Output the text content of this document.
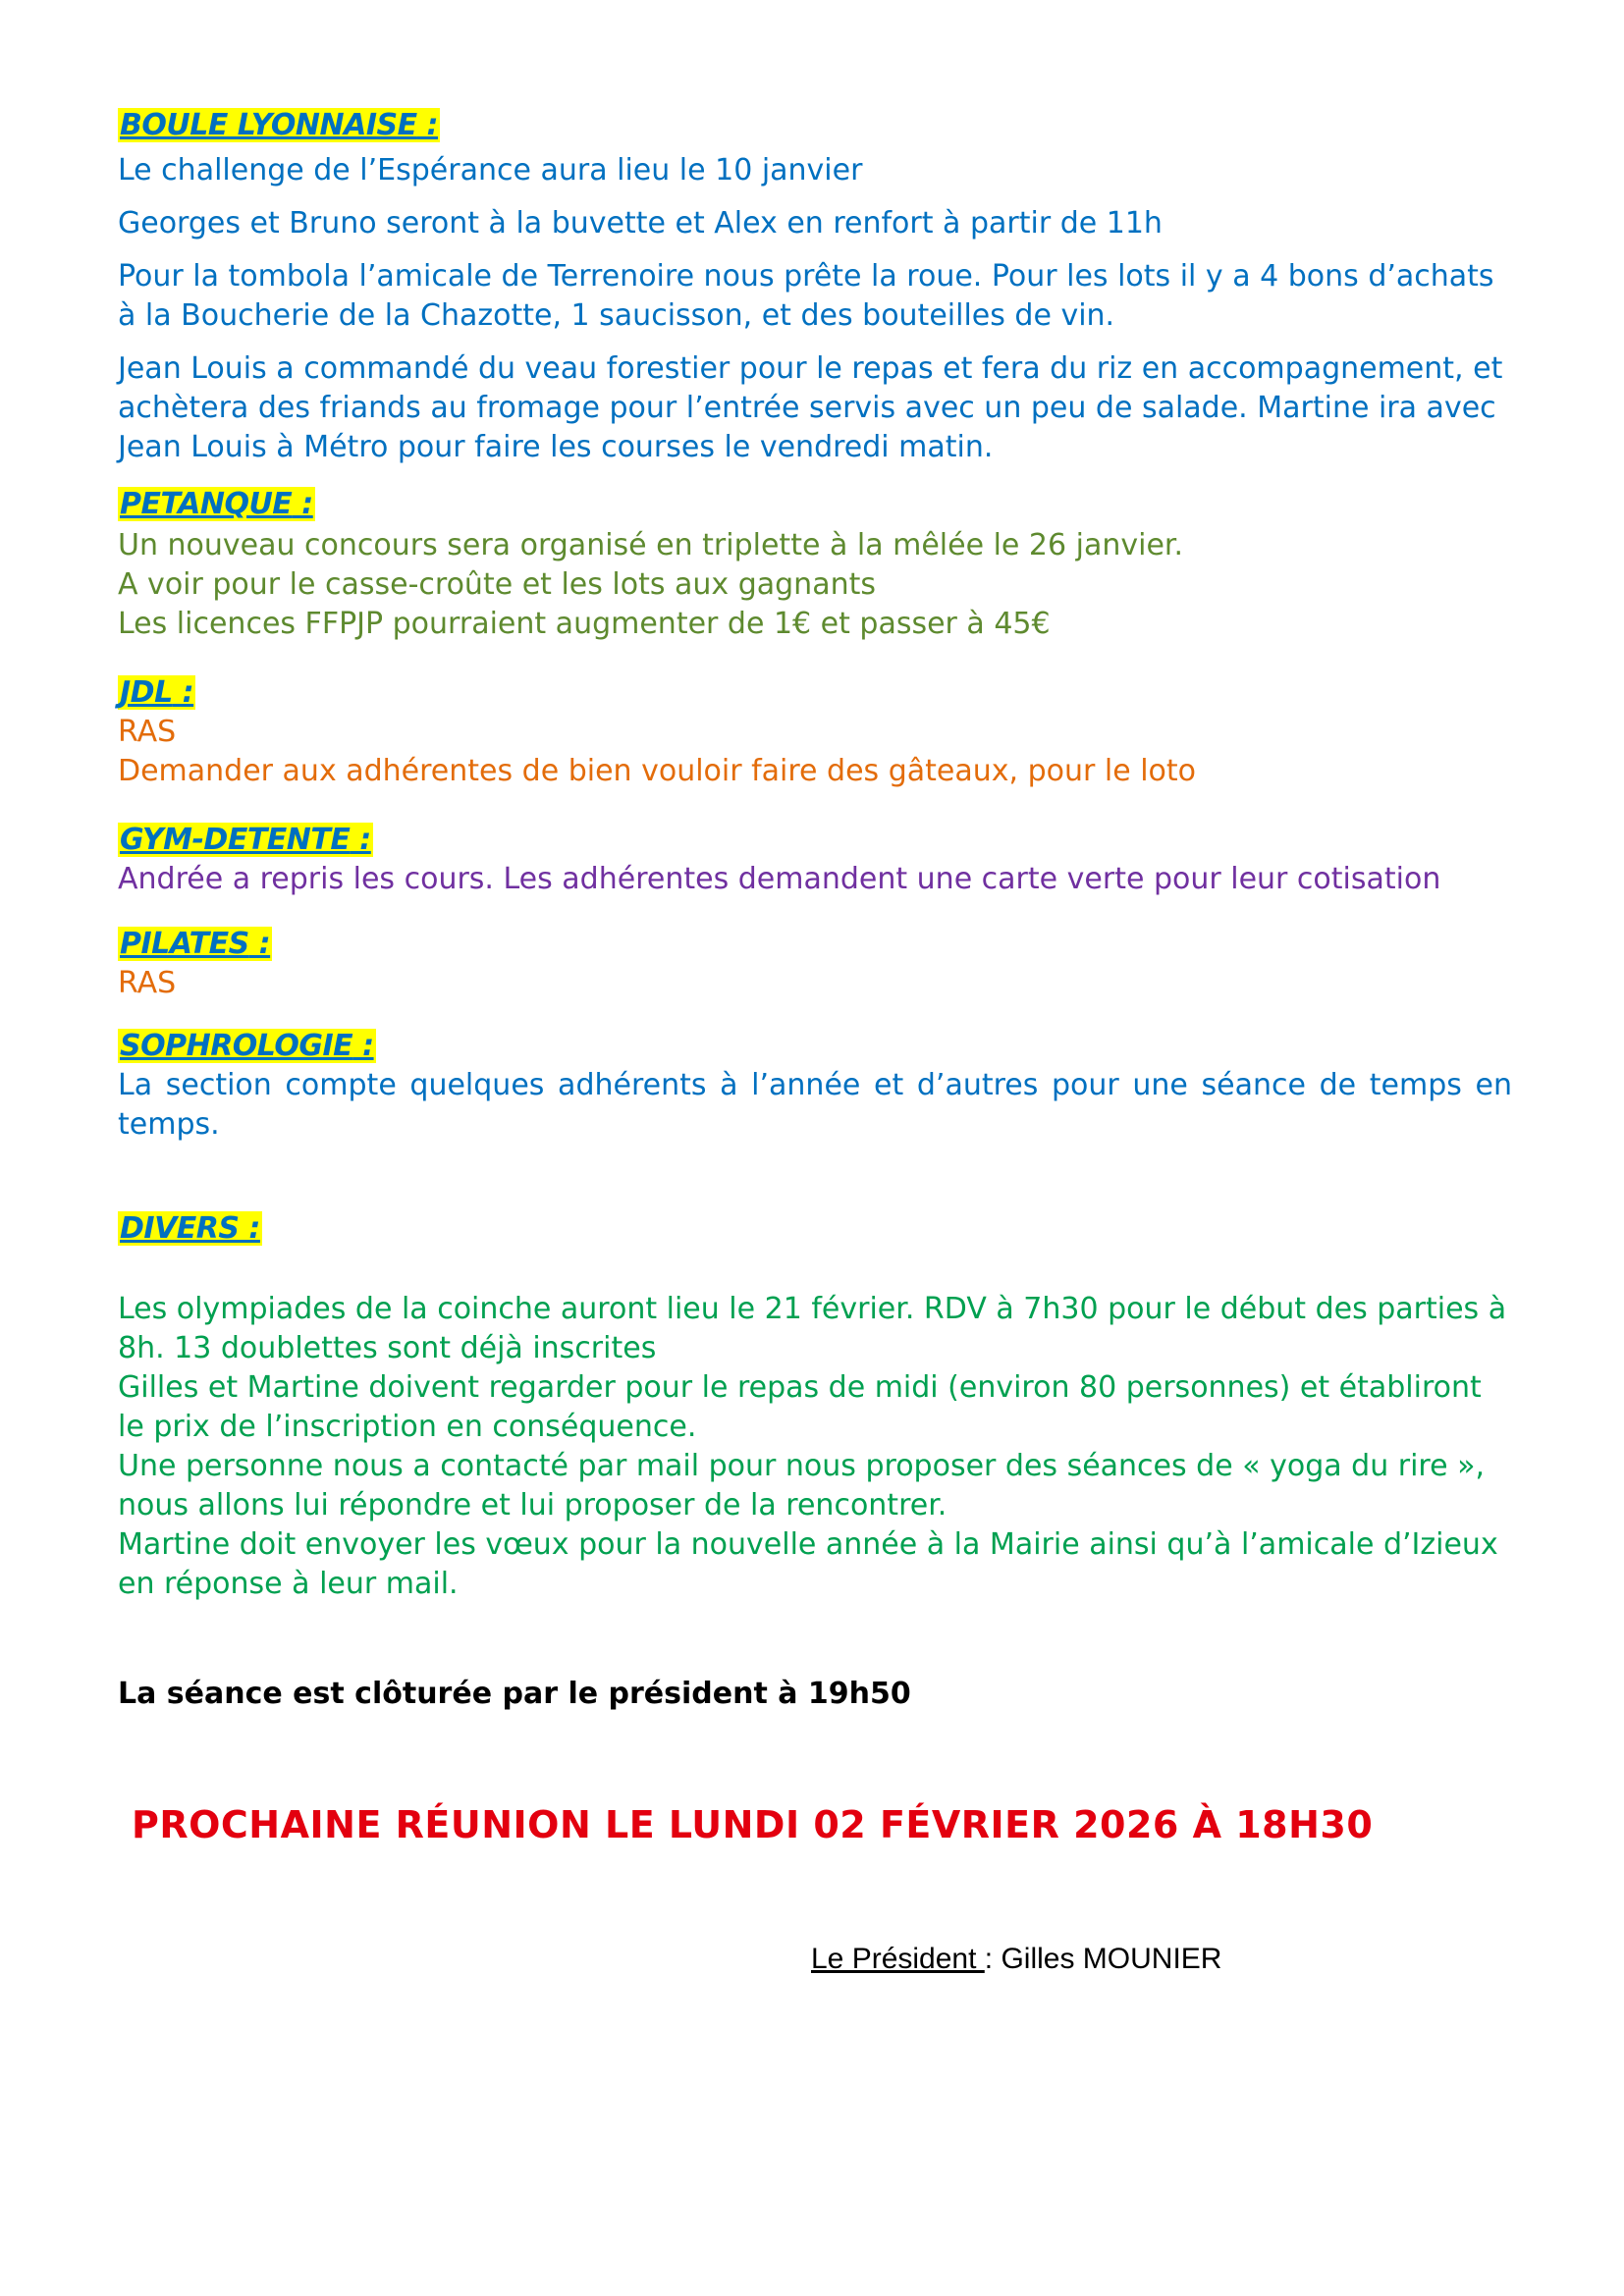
BOULE LYONNAISE :

Le challenge de l’Espérance aura lieu le 10 janvier

Georges et Bruno seront à la buvette et Alex en renfort à partir de 11h

Pour la tombola l’amicale de Terrenoire nous prête la roue. Pour les lots il y a 4 bons d’achats à la Boucherie de la Chazotte, 1 saucisson, et des bouteilles de vin.

Jean Louis a commandé du veau forestier pour le repas et fera du riz en accompagnement, et achètera des friands au fromage pour l’entrée servis avec un peu de salade. Martine ira avec Jean Louis à Métro pour faire les courses le vendredi matin.

PETANQUE :

Un nouveau concours sera organisé en triplette à la mêlée le 26 janvier.

A voir pour le casse-croûte et les lots aux gagnants

Les licences FFPJP pourraient augmenter de 1€ et passer à 45€

JDL :

RAS

Demander aux adhérentes de bien vouloir faire des gâteaux, pour le loto

GYM-DETENTE :

Andrée a repris les cours. Les adhérentes demandent une carte verte pour leur cotisation

PILATES :

RAS

SOPHROLOGIE :

La section compte quelques adhérents à l’année et d’autres pour une séance de temps en temps.

DIVERS :

Les olympiades de la coinche auront lieu le 21 février. RDV à 7h30 pour le début des parties à 8h. 13 doublettes sont déjà inscrites

Gilles et Martine doivent regarder pour le repas de midi (environ 80 personnes) et établiront le prix de l’inscription en conséquence.

Une personne nous a contacté par mail pour nous proposer des séances de « yoga du rire », nous allons lui répondre et lui proposer de la rencontrer.

Martine doit envoyer les vœux pour la nouvelle année à la Mairie ainsi qu’à l’amicale d’Izieux en réponse à leur mail.

La séance est clôturée par le président à 19h50

PROCHAINE RÉUNION LE LUNDI 02 FÉVRIER 2026 À 18H30

Le Président : Gilles MOUNIER
